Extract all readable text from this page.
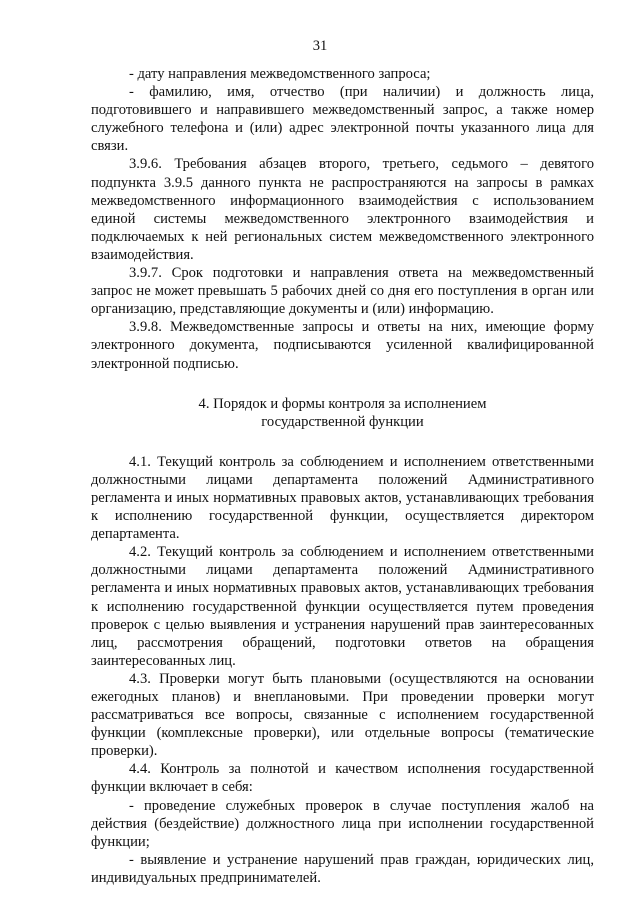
31

- дату направления межведомственного запроса;

- фамилию, имя, отчество (при наличии) и должность лица, подготовившего и направившего межведомственный запрос, а также номер служебного телефона и (или) адрес электронной почты указанного лица для связи.

3.9.6. Требования абзацев второго, третьего, седьмого – девятого подпункта 3.9.5 данного пункта не распространяются на запросы в рамках межведомственного информационного взаимодействия с использованием единой системы межведомственного электронного взаимодействия и подключаемых к ней региональных систем межведомственного электронного взаимодействия.

3.9.7. Срок подготовки и направления ответа на межведомственный запрос не может превышать 5 рабочих дней со дня его поступления в орган или организацию, представляющие документы и (или) информацию.

3.9.8. Межведомственные запросы и ответы на них, имеющие форму электронного документа, подписываются усиленной квалифицированной электронной подписью.

4. Порядок и формы контроля за исполнением
государственной функции

4.1. Текущий контроль за соблюдением и исполнением ответственными должностными лицами департамента положений Административного регламента и иных нормативных правовых актов, устанавливающих требования к исполнению государственной функции, осуществляется директором департамента.

4.2. Текущий контроль за соблюдением и исполнением ответственными должностными лицами департамента положений Административного регламента и иных нормативных правовых актов, устанавливающих требования к исполнению государственной функции осуществляется путем проведения проверок с целью выявления и устранения нарушений прав заинтересованных лиц, рассмотрения обращений, подготовки ответов на обращения заинтересованных лиц.

4.3. Проверки могут быть плановыми (осуществляются на основании ежегодных планов) и внеплановыми. При проведении проверки могут рассматриваться все вопросы, связанные с исполнением государственной функции (комплексные проверки), или отдельные вопросы (тематические проверки).

4.4. Контроль за полнотой и качеством исполнения государственной функции включает в себя:

- проведение служебных проверок в случае поступления жалоб на действия (бездействие) должностного лица при исполнении государственной функции;

- выявление и устранение нарушений прав граждан, юридических лиц, индивидуальных предпринимателей.
